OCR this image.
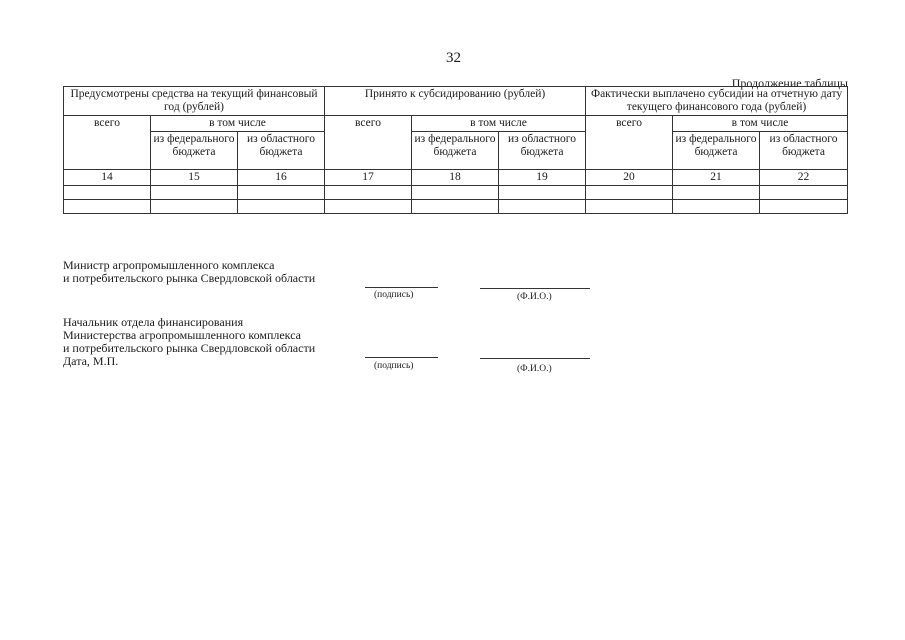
32
Продолжение таблицы
Предусмотрены средства на текущий финансовый год (рублей)			Принято к субсидированию (рублей)			Фактически выплачено субсидии на отчетную дату текущего финансового года (рублей)		
всего	в том числе		всего	в том числе		всего	в том числе	
	из федерального бюджета	из областного бюджета		из федерального бюджета	из областного бюджета		из федерального бюджета	из областного бюджета
14	15	16	17	18	19	20	21	22

Министр агропромышленного комплекса
и потребительского рынка Свердловской области
(подпись)	(Ф.И.О.)
Начальник отдела финансирования
Министерства агропромышленного комплекса
и потребительского рынка Свердловской области
Дата, М.П.	(подпись)	(Ф.И.О.)
